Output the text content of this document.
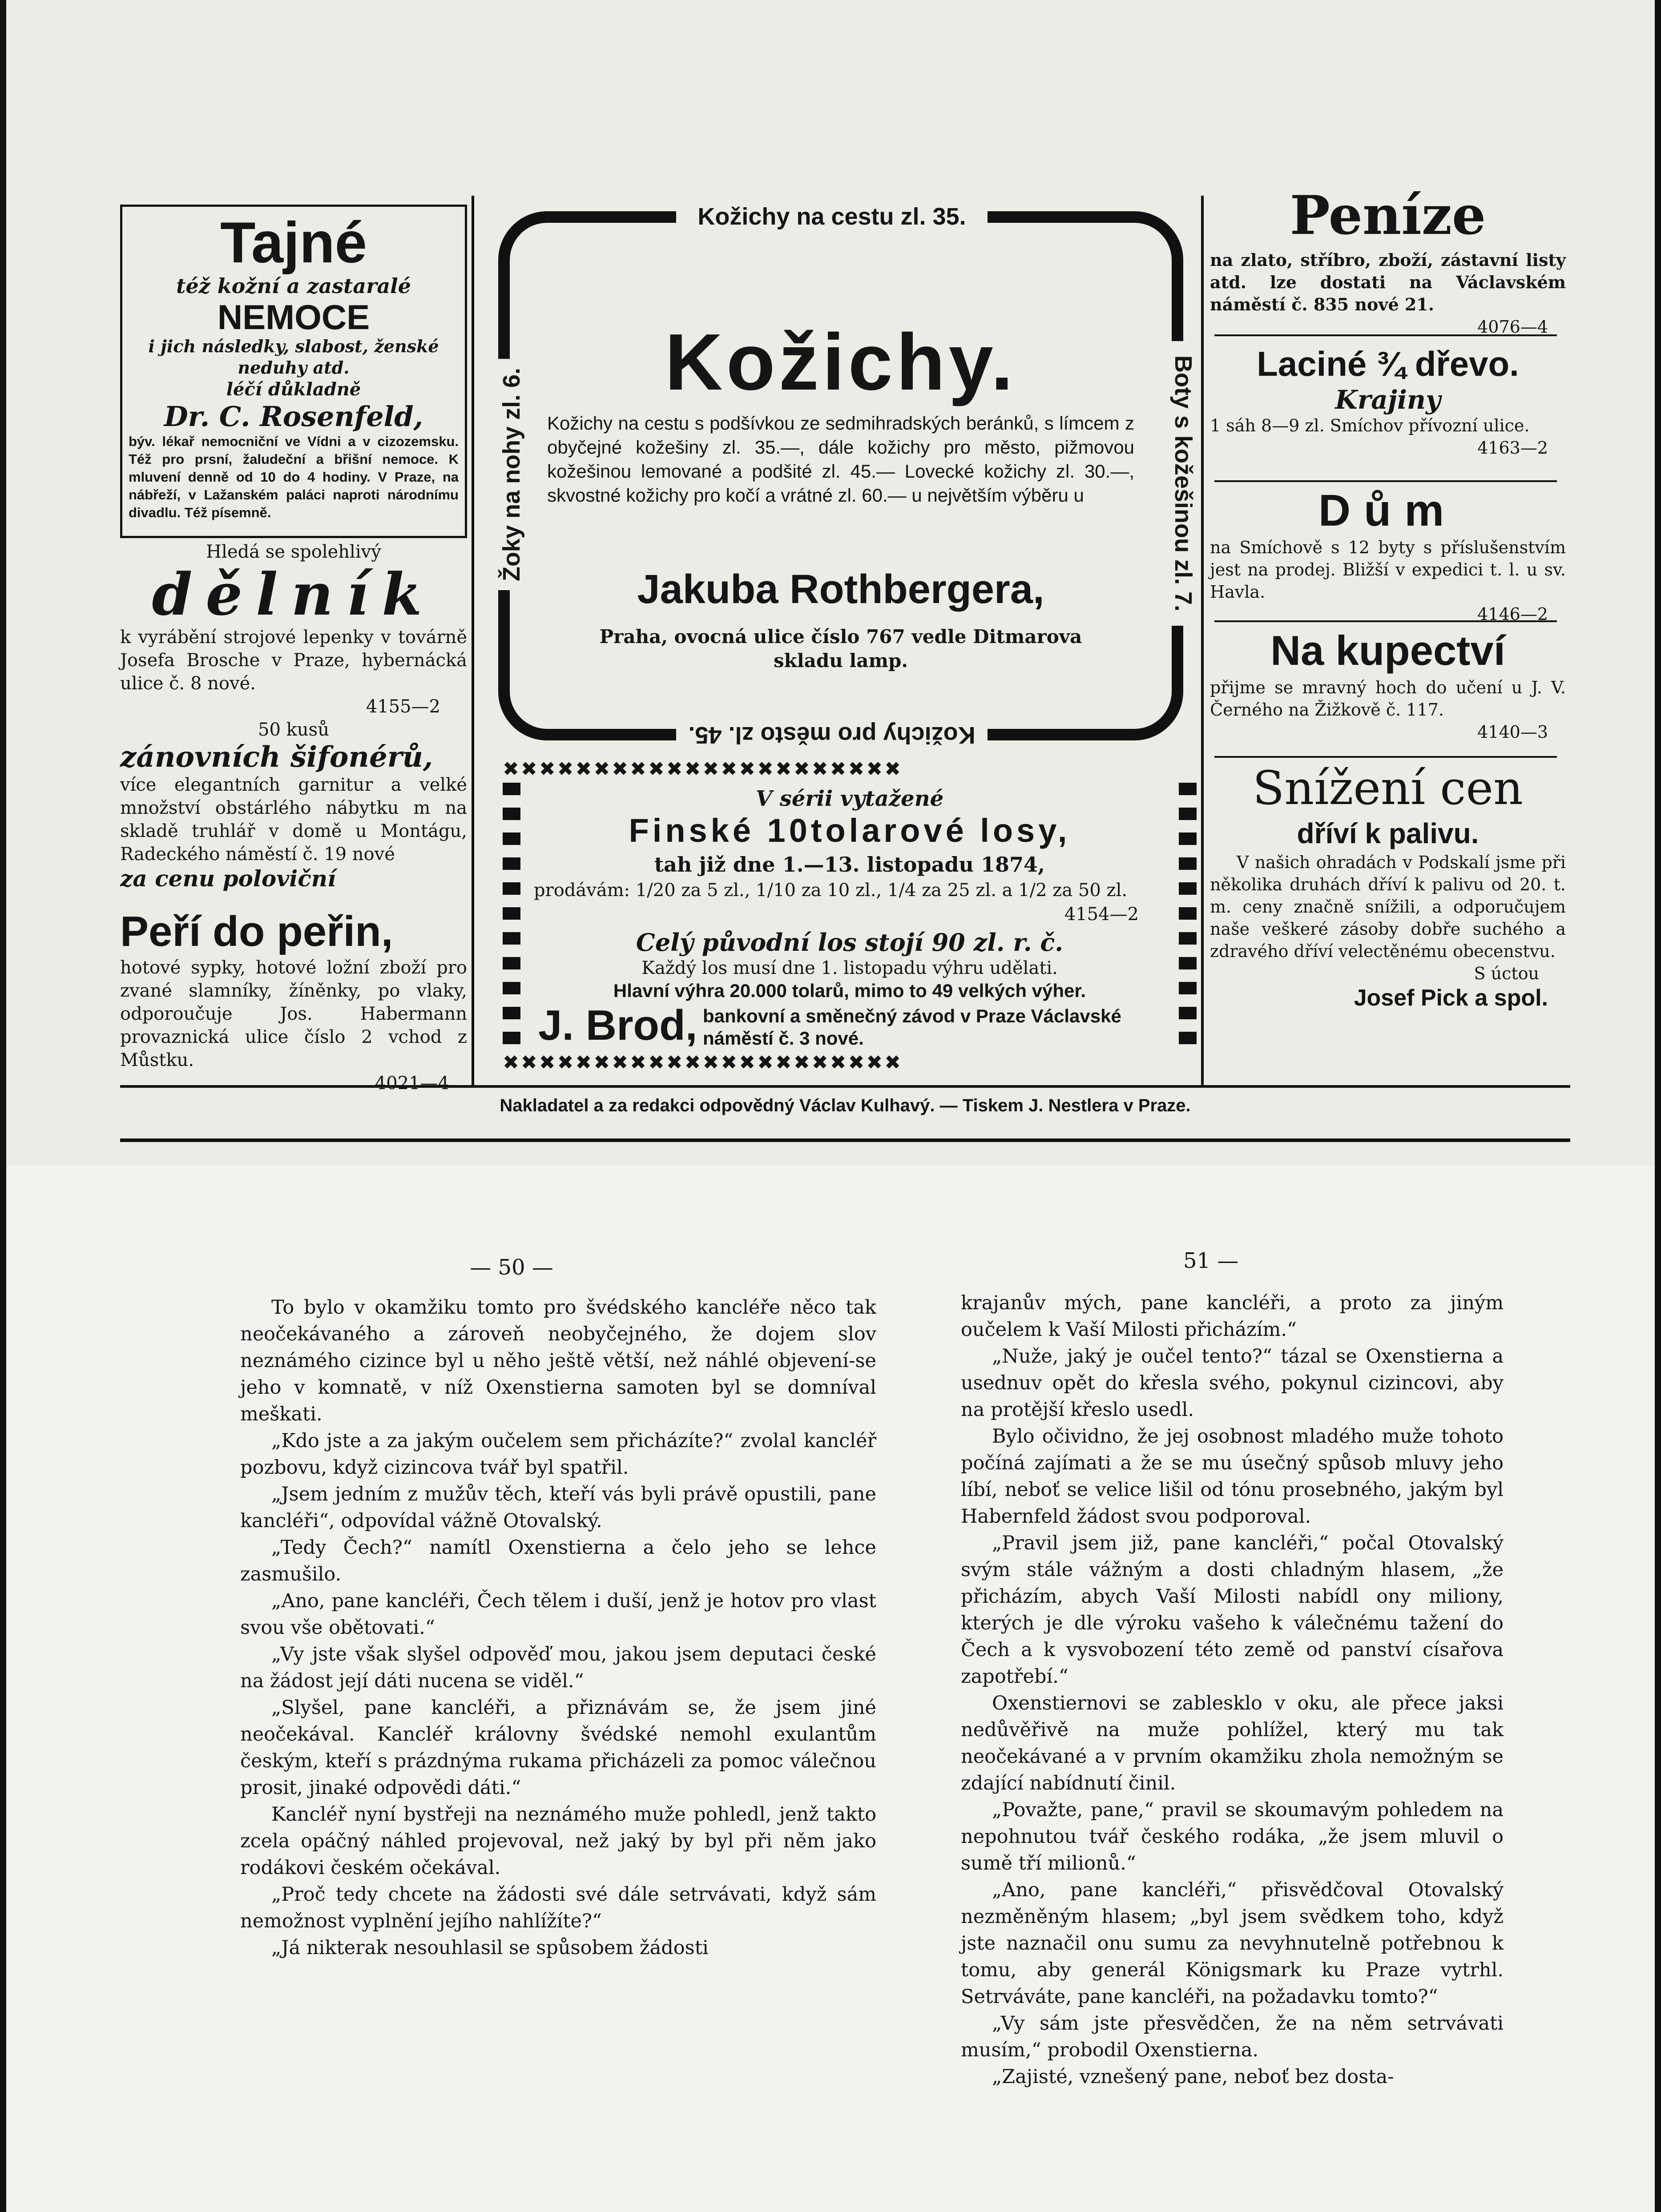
Tajné
též kožní a zastaralé
NEMOCE
i jich následky, slabost, ženské neduhy atd.
léčí důkladně
Dr. C. Rosenfeld,
býv. lékař nemocniční ve Vídni a v cizozemsku. Též pro prsní, žaludeční a břišní nemoce. K mluvení denně od 10 do 4 hodiny. V Praze, na nábřeží, v Lažanském paláci naproti národnímu divadlu. Též písemně.
Hledá se spolehlivý
dělník
k vyrábění strojové lepenky v továrně Josefa Brosche v Praze, hybernácká ulice č. 8 nové.
4155—2
50 kusů
zánovních šifonérů,
více elegantních garnitur a velké množství obstárlého nábytku m na skladě truhlář v domě u Montágu, Radeckého náměstí č. 19 nové
za cenu poloviční
Peří do peřin,
hotové sypky, hotové ložní zboží pro zvané slamníky, žíněnky, po vlaky, odporoučuje Jos. Habermann provaznická ulice číslo 2 vchod z Můstku.
4021—4
Kožichy na cestu zl. 35.
Kožichy pro město zl. 45.
Žoky na nohy zl. 6.	Boty s kožešinou zl. 7.
Kožichy.
Kožichy na cestu s podšívkou ze sedmihradských beránků, s límcem z obyčejné kožešiny zl. 35.—, dále kožichy pro město, pižmovou kožešinou lemované a podšité zl. 45.— Lovecké kožichy zl. 30.—, skvostné kožichy pro kočí a vrátné zl. 60.— u největším výběru u
Jakuba Rothbergera,
Praha, ovocná ulice číslo 767 vedle Ditmarova skladu lamp.
✖✖✖✖✖✖✖✖✖✖✖✖✖✖✖✖✖✖✖✖✖✖
✖✖✖✖✖✖✖✖✖✖✖✖✖✖✖✖✖✖✖✖✖✖
V sérii vytažené
Finské 10tolarové losy,
tah již dne 1.—13. listopadu 1874,
prodávám: 1/20 za 5 zl., 1/10 za 10 zl., 1/4 za 25 zl. a 1/2 za 50 zl.
4154—2
Celý původní los stojí 90 zl. r. č.
Každý los musí dne 1. listopadu výhru udělati.
Hlavní výhra 20.000 tolarů, mimo to 49 velkých výher.
J. Brod, bankovní a směnečný závod v Praze Václavské náměstí č. 3 nové.
Peníze
na zlato, stříbro, zboží, zástavní listy atd. lze dostati na Václavském náměstí č. 835 nové 21.
4076—4
Laciné ¾ dřevo.
Krajiny
1 sáh 8—9 zl. Smíchov přívozní ulice.
4163—2
Dům
na Smíchově s 12 byty s příslušenstvím jest na prodej. Bližší v expedici t. l. u sv. Havla.
4146—2
Na kupectví
přijme se mravný hoch do učení u J. V. Černého na Žižkově č. 117.
4140—3
Snížení cen
dříví k palivu.
V našich ohradách v Podskalí jsme při několika druhách dříví k palivu od 20. t. m. ceny značně snížili, a odporučujem naše veškeré zásoby dobře suchého a zdravého dříví velectěnému obecenstvu.
S úctou
Josef Pick a spol.
Nakladatel a za redakci odpovědný Václav Kulhavý. — Tiskem J. Nestlera v Praze.
— 50 —	51 —

To bylo v okamžiku tomto pro švédského kancléře něco tak neočekávaného a zároveň neobyčejného, že dojem slov neznámého cizince byl u něho ještě větší, než náhlé objevení-se jeho v komnatě, v níž Oxenstierna samoten byl se domníval meškati.

„Kdo jste a za jakým oučelem sem přicházíte?“ zvolal kancléř pozbovu, když cizincova tvář byl spatřil.

„Jsem jedním z mužův těch, kteří vás byli právě opustili, pane kancléři“, odpovídal vážně Otovalský.

„Tedy Čech?“ namítl Oxenstierna a čelo jeho se lehce zasmušilo.

„Ano, pane kancléři, Čech tělem i duší, jenž je hotov pro vlast svou vše obětovati.“

„Vy jste však slyšel odpověď mou, jakou jsem deputaci české na žádost její dáti nucena se viděl.“

„Slyšel, pane kancléři, a přiznávám se, že jsem jiné neočekával. Kancléř královny švédské nemohl exulantům českým, kteří s prázdnýma rukama přicházeli za pomoc válečnou prosit, jinaké odpovědi dáti.“

Kancléř nyní bystřeji na neznámého muže pohledl, jenž takto zcela opáčný náhled projevoval, než jaký by byl při něm jako rodákovi českém očekával.

„Proč tedy chcete na žádosti své dále setrvávati, když sám nemožnost vyplnění jejího nahlížíte?“

„Já nikterak nesouhlasil se spůsobem žádosti

krajanův mých, pane kancléři, a proto za jiným oučelem k Vaší Milosti přicházím.“

„Nuže, jaký je oučel tento?“ tázal se Oxenstierna a usednuv opět do křesla svého, pokynul cizincovi, aby na protější křeslo usedl.

Bylo očividno, že jej osobnost mladého muže tohoto počíná zajímati a že se mu úsečný spůsob mluvy jeho líbí, neboť se velice lišil od tónu prosebného, jakým byl Habernfeld žádost svou podporoval.

„Pravil jsem již, pane kancléři,“ počal Otovalský svým stále vážným a dosti chladným hlasem, „že přicházím, abych Vaší Milosti nabídl ony miliony, kterých je dle výroku vašeho k válečnému tažení do Čech a k vysvobození této země od panství císařova zapotřebí.“

Oxenstiernovi se zablesklo v oku, ale přece jaksi nedůvěřivě na muže pohlížel, který mu tak neočekávané a v prvním okamžiku zhola nemožným se zdající nabídnutí činil.

„Považte, pane,“ pravil se skoumavým pohledem na nepohnutou tvář českého rodáka, „že jsem mluvil o sumě tří milionů.“

„Ano, pane kancléři,“ přisvědčoval Otovalský nezměněným hlasem; „byl jsem svědkem toho, když jste naznačil onu sumu za nevyhnutelně potřebnou k tomu, aby generál Königsmark ku Praze vytrhl. Setrváváte, pane kancléři, na požadavku tomto?“

„Vy sám jste přesvědčen, že na něm setrvávati musím,“ probodil Oxenstierna.

„Zajisté, vznešený pane, neboť bez dosta-
